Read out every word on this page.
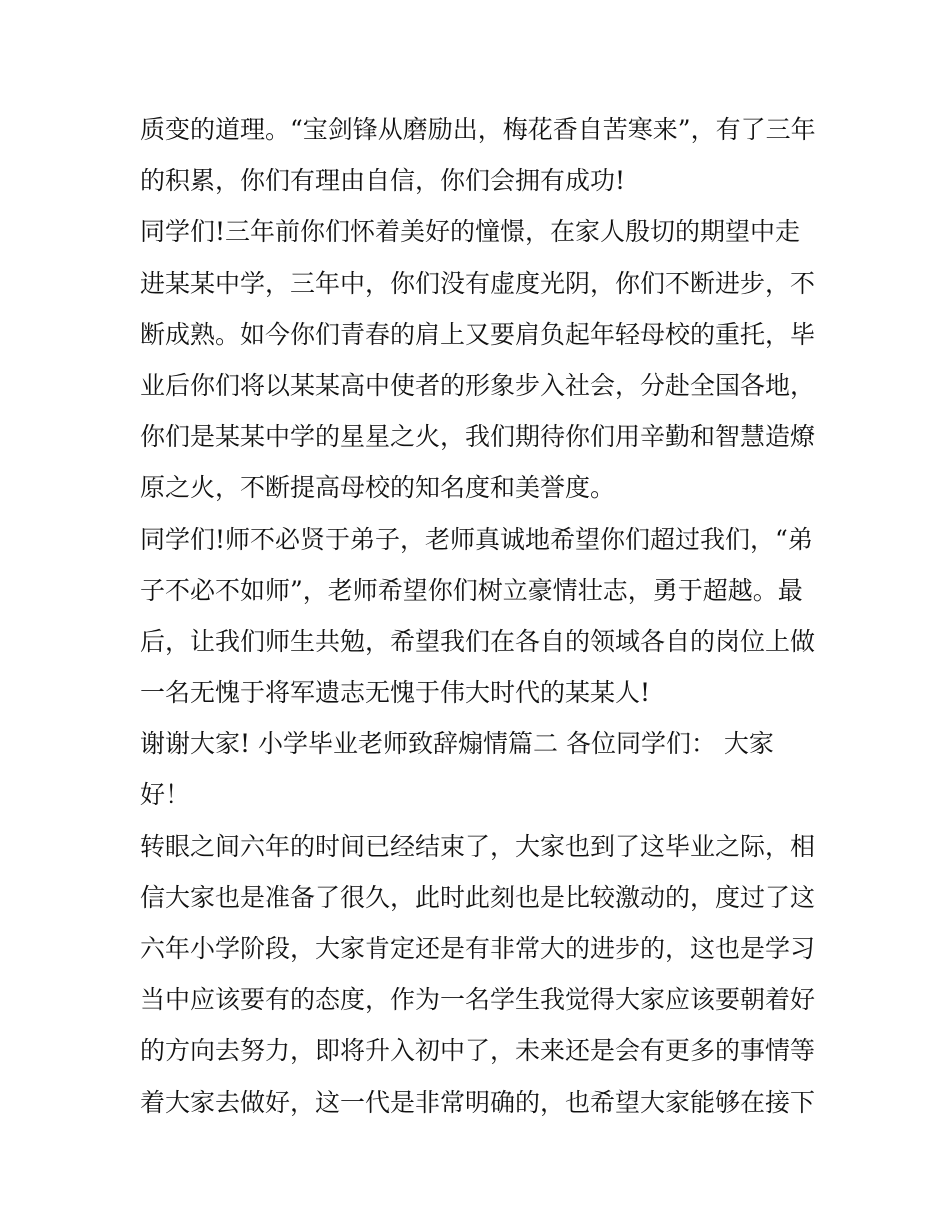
质变的道理。“宝剑锋从磨励出，梅花香自苦寒来”，有了三年
的积累，你们有理由自信，你们会拥有成功!
同学们!三年前你们怀着美好的憧憬，在家人殷切的期望中走
进某某中学，三年中，你们没有虚度光阴，你们不断进步，不
断成熟。如今你们青春的肩上又要肩负起年轻母校的重托，毕
业后你们将以某某高中使者的形象步入社会，分赴全国各地，
你们是某某中学的星星之火，我们期待你们用辛勤和智慧造燎
原之火，不断提高母校的知名度和美誉度。
同学们!师不必贤于弟子，老师真诚地希望你们超过我们，“弟
子不必不如师”，老师希望你们树立豪情壮志，勇于超越。最
后，让我们师生共勉，希望我们在各自的领域各自的岗位上做
一名无愧于将军遗志无愧于伟大时代的某某人!
谢谢大家! 小学毕业老师致辞煽情篇二 各位同学们： 大家
好！
转眼之间六年的时间已经结束了，大家也到了这毕业之际，相
信大家也是准备了很久，此时此刻也是比较激动的，度过了这
六年小学阶段，大家肯定还是有非常大的进步的，这也是学习
当中应该要有的态度，作为一名学生我觉得大家应该要朝着好
的方向去努力，即将升入初中了，未来还是会有更多的事情等
着大家去做好，这一代是非常明确的，也希望大家能够在接下
